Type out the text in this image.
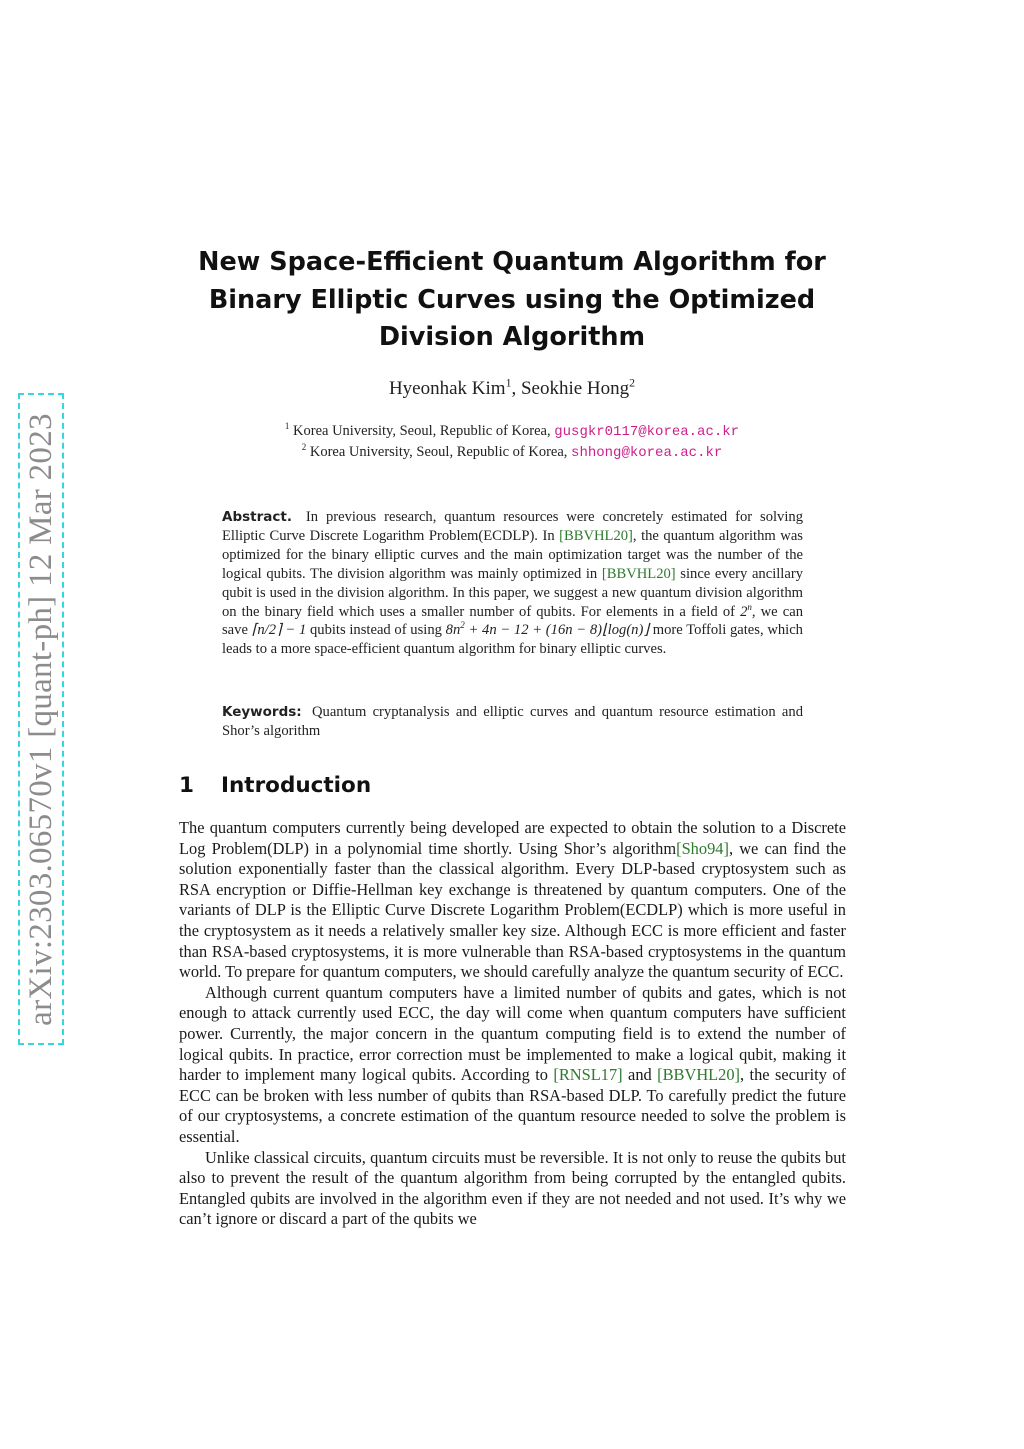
arXiv:2303.06570v1 [quant-ph] 12 Mar 2023
New Space-Efficient Quantum Algorithm for
Binary Elliptic Curves using the Optimized
Division Algorithm
Hyeonhak Kim$^1$, Seokhie Hong$^2$
$^1$ Korea University, Seoul, Republic of Korea, gusgkr0117@korea.ac.kr
$^2$ Korea University, Seoul, Republic of Korea, shhong@korea.ac.kr
Abstract. In previous research, quantum resources were concretely estimated for solving Elliptic Curve Discrete Logarithm Problem(ECDLP). In [BBVHL20], the quantum algorithm was optimized for the binary elliptic curves and the main optimization target was the number of the logical qubits. The division algorithm was mainly optimized in [BBVHL20] since every ancillary qubit is used in the division algorithm. In this paper, we suggest a new quantum division algorithm on the binary field which uses a smaller number of qubits. For elements in a field of 2$^n$, we can save ⌈n/2⌉ − 1 qubits instead of using $8n^2 + 4n - 12 + (16n$ − 8)⌊log(n)⌋ more Toffoli gates, which leads to a more space-efficient quantum algorithm for binary elliptic curves.
Keywords: Quantum cryptanalysis and elliptic curves and quantum resource estimation and Shor’s algorithm
1 Introduction

The quantum computers currently being developed are expected to obtain the solution to a Discrete Log Problem(DLP) in a polynomial time shortly. Using Shor’s algorithm[Sho94], we can find the solution exponentially faster than the classical algorithm. Every DLP-based cryptosystem such as RSA encryption or Diffie-Hellman key exchange is threatened by quantum computers. One of the variants of DLP is the Elliptic Curve Discrete Logarithm Problem(ECDLP) which is more useful in the cryptosystem as it needs a relatively smaller key size. Although ECC is more efficient and faster than RSA-based cryptosystems, it is more vulnerable than RSA-based cryptosystems in the quantum world. To prepare for quantum computers, we should carefully analyze the quantum security of ECC.

Although current quantum computers have a limited number of qubits and gates, which is not enough to attack currently used ECC, the day will come when quantum computers have sufficient power. Currently, the major concern in the quantum computing field is to extend the number of logical qubits. In practice, error correction must be implemented to make a logical qubit, making it harder to implement many logical qubits. According to [RNSL17] and [BBVHL20], the security of ECC can be broken with less number of qubits than RSA-based DLP. To carefully predict the future of our cryptosystems, a concrete estimation of the quantum resource needed to solve the problem is essential.

Unlike classical circuits, quantum circuits must be reversible. It is not only to reuse the qubits but also to prevent the result of the quantum algorithm from being corrupted by the entangled qubits. Entangled qubits are involved in the algorithm even if they are not needed and not used. It’s why we can’t ignore or discard a part of the qubits we
